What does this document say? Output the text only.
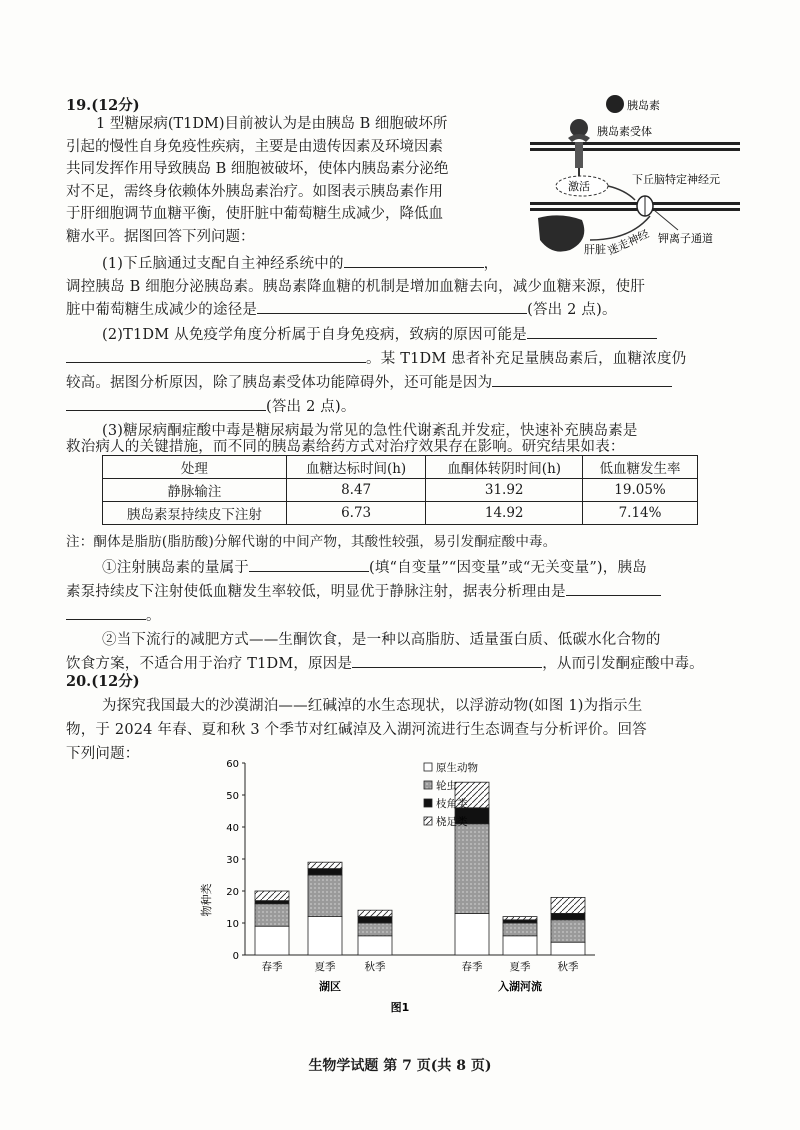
19.(12分)
1 型糖尿病(T1DM)目前被认为是由胰岛 B 细胞破坏所
引起的慢性自身免疫性疾病，主要是由遗传因素及环境因素
共同发挥作用导致胰岛 B 细胞被破坏，使体内胰岛素分泌绝
对不足，需终身依赖体外胰岛素治疗。如图表示胰岛素作用
于肝细胞调节血糖平衡，使肝脏中葡萄糖生成减少，降低血
糖水平。据图回答下列问题：
胰岛素
胰岛素受体
激活
下丘脑特定神经元
钾离子通道
肝脏 迷走神经
(1)下丘脑通过支配自主神经系统中的	，
调控胰岛 B 细胞分泌胰岛素。胰岛素降血糖的机制是增加血糖去向，减少血糖来源，使肝
脏中葡萄糖生成减少的途径是	(答出 2 点)。
(2)T1DM 从免疫学角度分析属于自身免疫病，致病的原因可能是
。某 T1DM 患者补充足量胰岛素后，血糖浓度仍
较高。据图分析原因，除了胰岛素受体功能障碍外，还可能是因为
(答出 2 点)。
(3)糖尿病酮症酸中毒是糖尿病最为常见的急性代谢紊乱并发症，快速补充胰岛素是
救治病人的关键措施，而不同的胰岛素给药方式对治疗效果存在影响。研究结果如表：
处理	血糖达标时间(h)	血酮体转阴时间(h)	低血糖发生率
静脉输注	8.47	31.92	19.05%
胰岛素泵持续皮下注射	6.73	14.92	7.14%
注：酮体是脂肪(脂肪酸)分解代谢的中间产物，其酸性较强，易引发酮症酸中毒。
①注射胰岛素的量属于	(填“自变量”“因变量”或“无关变量”)，胰岛
素泵持续皮下注射使低血糖发生率较低，明显优于静脉注射，据表分析理由是
。
②当下流行的减肥方式——生酮饮食，是一种以高脂肪、适量蛋白质、低碳水化合物的
饮食方案，不适合用于治疗 T1DM，原因是	，从而引发酮症酸中毒。
20.(12分)
为探究我国最大的沙漠湖泊——红碱淖的水生态现状，以浮游动物(如图 1)为指示生
物，于 2024 年春、夏和秋 3 个季节对红碱淖及入湖河流进行生态调查与分析评价。回答
下列问题：
0
10
20
30
40
50
60
春季	夏季	秋季	春季	夏季	秋季
原生动物
轮虫
枝角类
桡足类
物种类
湖区	入湖河流
图1
生物学试题 第 7 页(共 8 页)
